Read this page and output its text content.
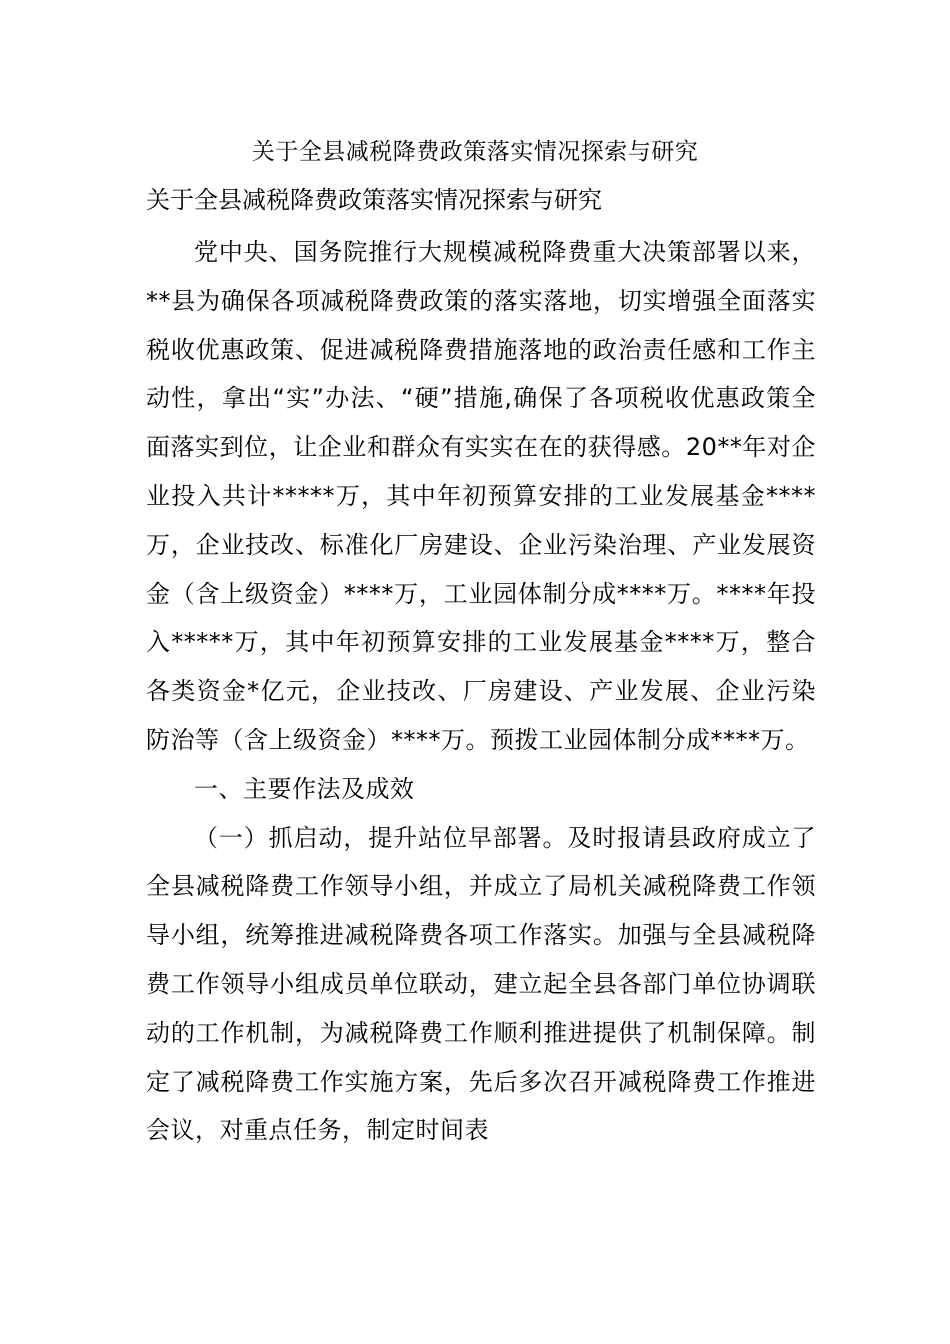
关于全县减税降费政策落实情况探索与研究
关于全县减税降费政策落实情况探索与研究

党中央、国务院推行大规模减税降费重大决策部署以来，**县为确保各项减税降费政策的落实落地，切实增强全面落实税收优惠政策、促进减税降费措施落地的政治责任感和工作主动性，拿出“实”办法、“硬”措施,确保了各项税收优惠政策全面落实到位，让企业和群众有实实在在的获得感。20**年对企业投入共计*****万，其中年初预算安排的工业发展基金****万，企业技改、标准化厂房建设、企业污染治理、产业发展资金（含上级资金）****万，工业园体制分成****万。****年投入*****万，其中年初预算安排的工业发展基金****万，整合各类资金*亿元，企业技改、厂房建设、产业发展、企业污染防治等（含上级资金）****万。预拨工业园体制分成****万。

一、主要作法及成效

（一）抓启动，提升站位早部署。及时报请县政府成立了全县减税降费工作领导小组，并成立了局机关减税降费工作领导小组，统筹推进减税降费各项工作落实。加强与全县减税降费工作领导小组成员单位联动，建立起全县各部门单位协调联动的工作机制，为减税降费工作顺利推进提供了机制保障。制定了减税降费工作实施方案，先后多次召开减税降费工作推进会议，对重点任务，制定时间表
